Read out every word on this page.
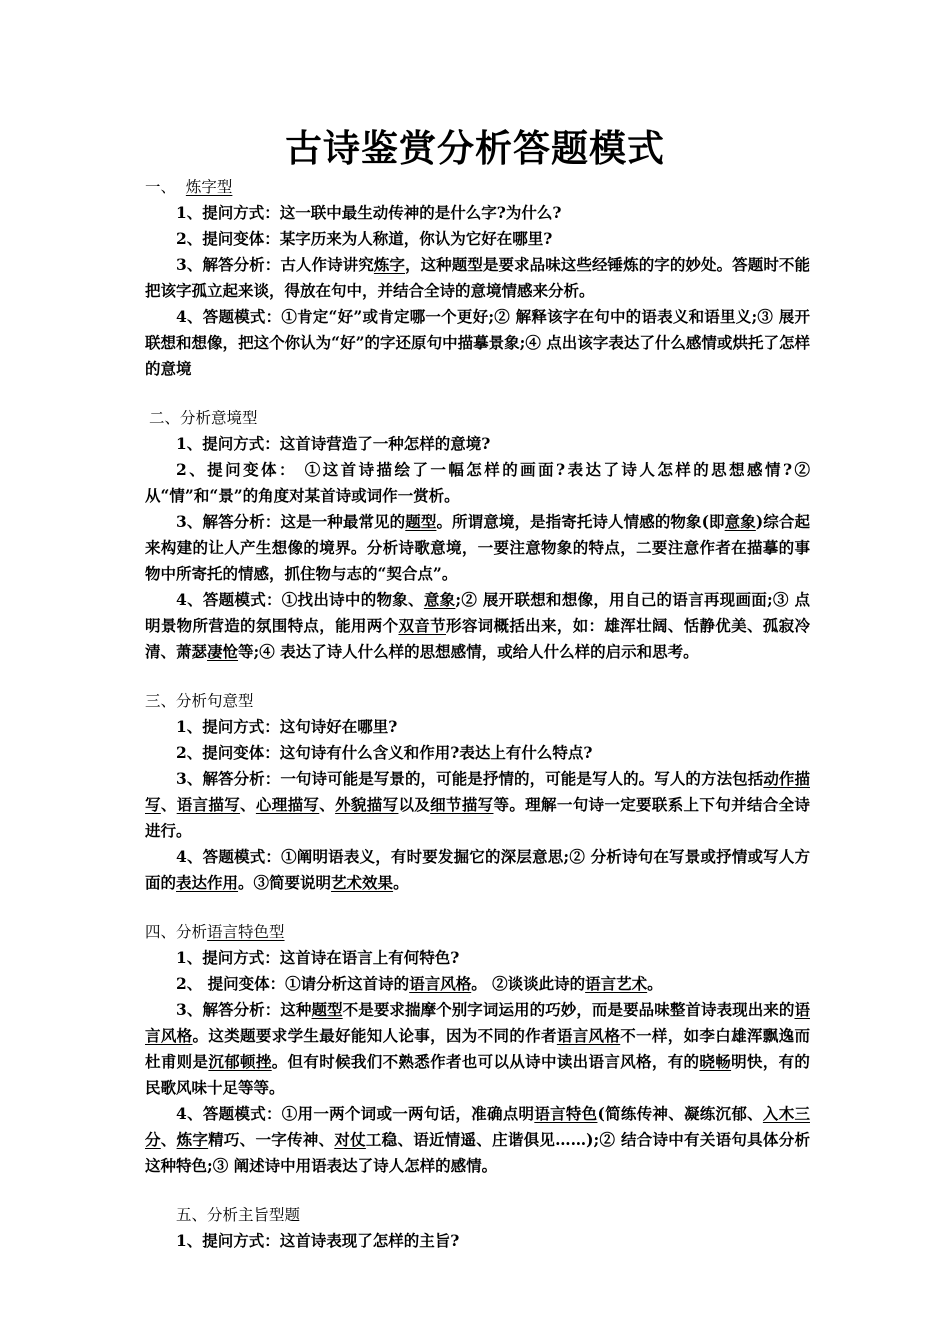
古诗鉴赏分析答题模式

一、 炼字型

1、提问方式：这一联中最生动传神的是什么字?为什么?

2、提问变体：某字历来为人称道，你认为它好在哪里?

3、解答分析：古人作诗讲究炼字，这种题型是要求品味这些经锤炼的字的妙处。答题时不能把该字孤立起来谈，得放在句中，并结合全诗的意境情感来分析。

4、答题模式：①肯定“好”或肯定哪一个更好;② 解释该字在句中的语表义和语里义;③ 展开联想和想像，把这个你认为“好”的字还原句中描摹景象;④ 点出该字表达了什么感情或烘托了怎样的意境

二、分析意境型

1、提问方式：这首诗营造了一种怎样的意境?

2、提问变体： ①这首诗描绘了一幅怎样的画面?表达了诗人怎样的思想感情?② 从“情”和“景”的角度对某首诗或词作一赏析。

3、解答分析：这是一种最常见的题型。所谓意境，是指寄托诗人情感的物象(即意象)综合起来构建的让人产生想像的境界。分析诗歌意境，一要注意物象的特点，二要注意作者在描摹的事物中所寄托的情感，抓住物与志的“契合点”。

4、答题模式：①找出诗中的物象、意象;② 展开联想和想像，用自己的语言再现画面;③ 点明景物所营造的氛围特点，能用两个双音节形容词概括出来，如：雄浑壮阔、恬静优美、孤寂冷清、萧瑟凄怆等;④ 表达了诗人什么样的思想感情，或给人什么样的启示和思考。

三、分析句意型

1、提问方式：这句诗好在哪里?

2、提问变体：这句诗有什么含义和作用?表达上有什么特点?

3、解答分析：一句诗可能是写景的，可能是抒情的，可能是写人的。写人的方法包括动作描写、语言描写、心理描写、外貌描写以及细节描写等。理解一句诗一定要联系上下句并结合全诗进行。

4、答题模式：①阐明语表义，有时要发掘它的深层意思;② 分析诗句在写景或抒情或写人方面的表达作用。③简要说明艺术效果。

四、分析语言特色型

1、提问方式：这首诗在语言上有何特色?

2、 提问变体：①请分析这首诗的语言风格。 ②谈谈此诗的语言艺术。

3、解答分析：这种题型不是要求揣摩个别字词运用的巧妙，而是要品味整首诗表现出来的语言风格。这类题要求学生最好能知人论事，因为不同的作者语言风格不一样，如李白雄浑飘逸而杜甫则是沉郁顿挫。但有时候我们不熟悉作者也可以从诗中读出语言风格，有的晓畅明快，有的民歌风味十足等等。

4、答题模式：①用一两个词或一两句话，准确点明语言特色(简练传神、凝练沉郁、入木三分、炼字精巧、一字传神、对仗工稳、语近情遥、庄谐俱见……);② 结合诗中有关语句具体分析这种特色;③ 阐述诗中用语表达了诗人怎样的感情。

五、分析主旨型题

1、提问方式：这首诗表现了怎样的主旨?
